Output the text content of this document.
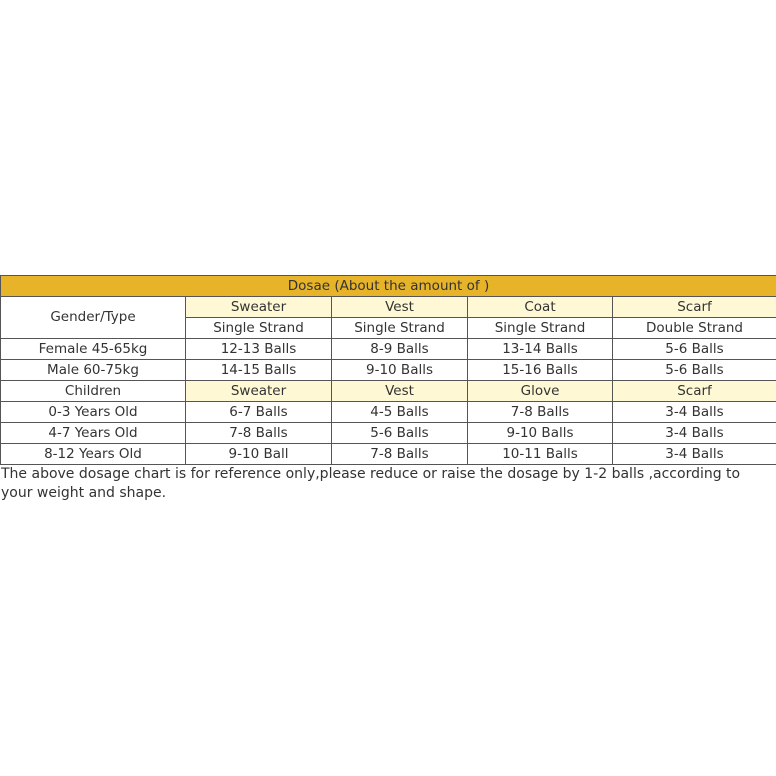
Dosae (About the amount of )				
Gender/Type	Sweater	Vest	Coat	Scarf
	Single Strand	Single Strand	Single Strand	Double Strand
Female 45-65kg	12-13 Balls	8-9 Balls	13-14 Balls	5-6 Balls
Male 60-75kg	14-15 Balls	9-10 Balls	15-16 Balls	5-6 Balls
Children	Sweater	Vest	Glove	Scarf
0-3 Years Old	6-7 Balls	4-5 Balls	7-8 Balls	3-4 Balls
4-7 Years Old	7-8 Balls	5-6 Balls	9-10 Balls	3-4 Balls
8-12 Years Old	9-10 Ball	7-8 Balls	10-11 Balls	3-4 Balls
The above dosage chart is for reference only,please reduce or raise the dosage by 1-2 balls ,according to your weight and shape.
